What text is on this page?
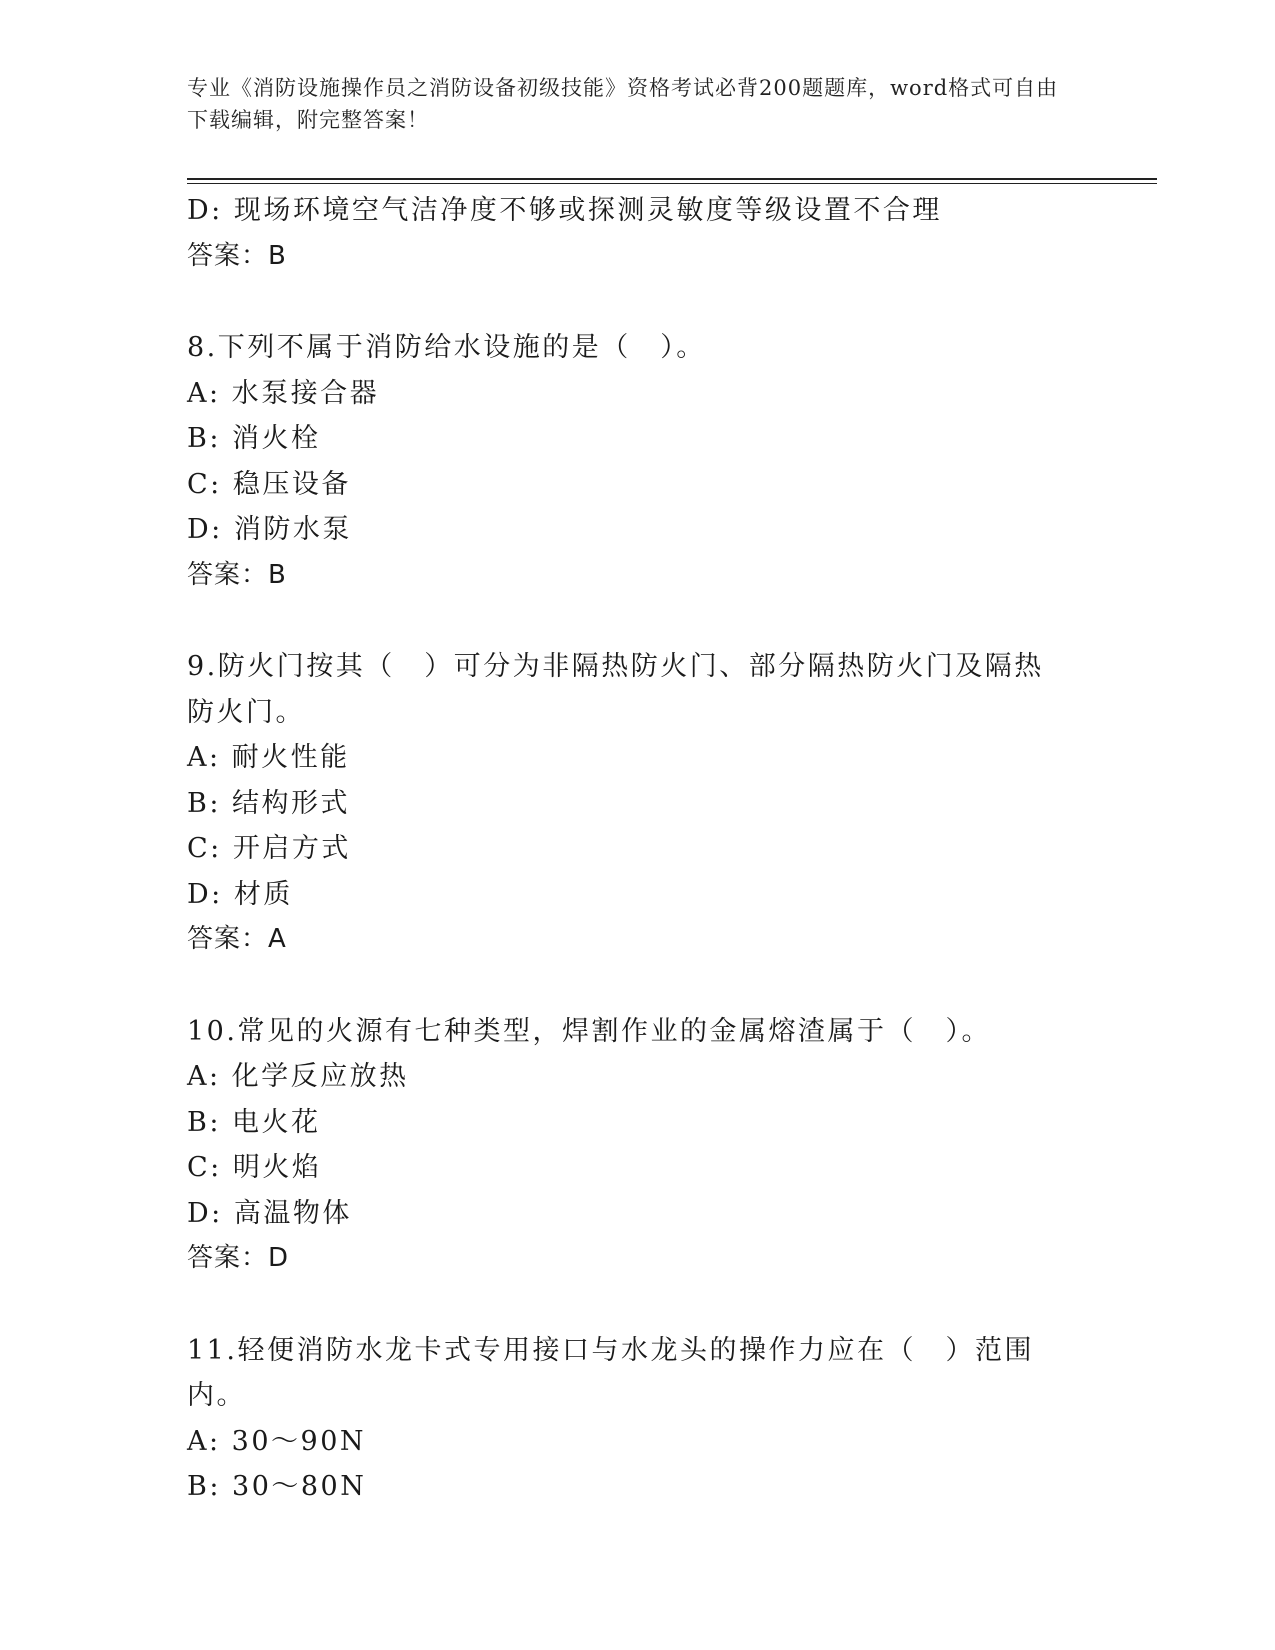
专业《消防设施操作员之消防设备初级技能》资格考试必背200题题库，word格式可自由下载编辑，附完整答案！
D: 现场环境空气洁净度不够或探测灵敏度等级设置不合理
答案：B
8.下列不属于消防给水设施的是（　）。
A: 水泵接合器
B: 消火栓
C: 稳压设备
D: 消防水泵
答案：B
9.防火门按其（　）可分为非隔热防火门、部分隔热防火门及隔热防火门。
A: 耐火性能
B: 结构形式
C: 开启方式
D: 材质
答案：A
10.常见的火源有七种类型，焊割作业的金属熔渣属于（　）。
A: 化学反应放热
B: 电火花
C: 明火焰
D: 高温物体
答案：D
11.轻便消防水龙卡式专用接口与水龙头的操作力应在（　）范围内。
A: 30～90N
B: 30～80N
